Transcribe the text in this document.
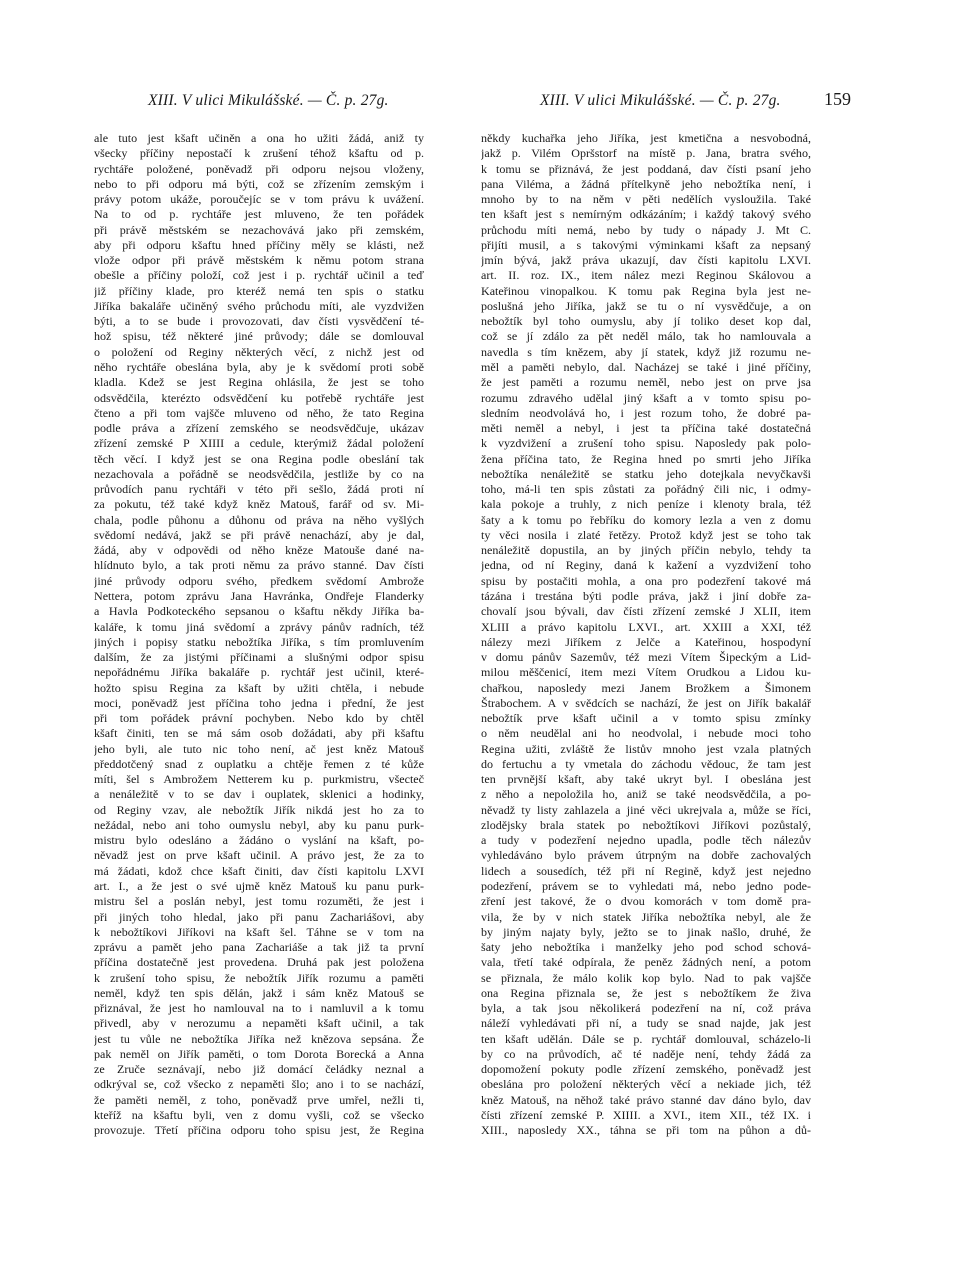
XIII. V ulici Mikulášské. — Č. p. 27g.	XIII. V ulici Mikulášské. — Č. p. 27g. 159
ale tuto jest kšaft učiněn a ona ho užiti žádá, aniž ty
všecky příčiny nepostačí k zrušení téhož kšaftu od p.
rychtáře položené, poněvadž při odporu nejsou vloženy,
nebo to při odporu má býti, což se zřízením zemským i
právy potom ukáže, poroučejíc se v tom právu k uvážení.
Na to od p. rychtáře jest mluveno, že ten pořádek
při právě městském se nezachovává jako při zemském,
aby při odporu kšaftu hned příčiny měly se klásti, než
vlože odpor při právě městském k němu potom strana
obešle a příčiny položí, což jest i p. rychtář učinil a teď
již příčiny klade, pro kteréž nemá ten spis o statku
Jiříka bakaláře učiněný svého průchodu míti, ale vyzdvižen
býti, a to se bude i provozovati, dav čísti vysvědčení té-
hož spisu, též některé jiné průvody; dále se domlouval
o položení od Reginy některých věcí, z nichž jest od
něho rychtáře obeslána byla, aby je k svědomí proti sobě
kladla. Kdež se jest Regina ohlásila, že jest se toho
odsvědčila, kterézto odsvědčení ku potřebě rychtáře jest
čteno a při tom vajšče mluveno od něho, že tato Regina
podle práva a zřízení zemského se neodsvědčuje, ukázav
zřízení zemské P XIIII a cedule, kterýmiž žádal položení
těch věcí. I když jest se ona Regina podle obeslání tak
nezachovala a pořádně se neodsvědčila, jestliže by co na
průvodích panu rychtáři v této při sešlo, žádá proti ní
za pokutu, též také když kněz Matouš, farář od sv. Mi-
chala, podle půhonu a důhonu od práva na něho vyšlých
svědomí nedává, jakž se při právě nenachází, aby je dal,
žádá, aby v odpovědi od něho kněze Matouše dané na-
hlídnuto bylo, a tak proti němu za právo stanné. Dav čísti
jiné průvody odporu svého, předkem svědomí Ambrože
Nettera, potom zprávu Jana Havránka, Ondřeje Flanderky
a Havla Podkoteckého sepsanou o kšaftu někdy Jiříka ba-
kaláře, k tomu jiná svědomí a zprávy pánův radních, též
jiných i popisy statku nebožtíka Jiříka, s tím promluvením
dalším, že za jistými příčinami a slušnými odpor spisu
nepořádnému Jiříka bakaláře p. rychtář jest učinil, které-
hožto spisu Regina za kšaft by užiti chtěla, i nebude
moci, poněvadž jest příčina toho jedna i přední, že jest
při tom pořádek právní pochyben. Nebo kdo by chtěl
kšaft činiti, ten se má sám osob dožádati, aby při kšaftu
jeho byli, ale tuto nic toho není, ač jest kněz Matouš
předdotčený snad z ouplatku a chtěje řemen z té kůže
míti, šel s Ambrožem Netterem ku p. purkmistru, všecteč
a nenáležitě v to se dav i ouplatek, sklenici a hodinky,
od Reginy vzav, ale nebožtík Jiřík nikdá jest ho za to
nežádal, nebo ani toho oumyslu nebyl, aby ku panu purk-
mistru bylo odesláno a žádáno o vyslání na kšaft, po-
něvadž jest on prve kšaft učinil. A právo jest, že za to
má žádati, kdož chce kšaft činiti, dav čísti kapitolu LXVI
art. I., a že jest o své ujmě kněz Matouš ku panu purk-
mistru šel a poslán nebyl, jest tomu rozuměti, že jest i
při jiných toho hledal, jako při panu Zachariášovi, aby
k nebožtíkovi Jiříkovi na kšaft šel. Táhne se v tom na
zprávu a pamět jeho pana Zachariáše a tak již ta první
příčina dostatečně jest provedena. Druhá pak jest položena
k zrušení toho spisu, že nebožtík Jiřík rozumu a paměti
neměl, když ten spis dělán, jakž i sám kněz Matouš se
přiznával, že jest ho namlouval na to i namluvil a k tomu
přivedl, aby v nerozumu a nepaměti kšaft učinil, a tak
jest tu vůle ne nebožtíka Jiříka než knězova sepsána. Že
pak neměl on Jiřík paměti, o tom Dorota Borecká a Anna
ze Zruče seznávají, nebo již domácí čeládky neznal a
odkrýval se, což všecko z nepaměti šlo; ano i to se nachází,
že paměti neměl, z toho, poněvadž prve umřel, nežli ti,
kteříž na kšaftu byli, ven z domu vyšli, což se všecko
provozuje. Třetí příčina odporu toho spisu jest, že Regina
někdy kuchařka jeho Jiříka, jest kmetična a nesvobodná,
jakž p. Vilém Opršstorf na místě p. Jana, bratra svého,
k tomu se přiznává, že jest poddaná, dav čísti psaní jeho
pana Viléma, a žádná přítelkyně jeho nebožtíka není, i
mnoho by to na něm v pěti nedělích vysloužila. Také
ten kšaft jest s nemírným odkázáním; i každý takový svého
průchodu míti nemá, nebo by tudy o nápady J. Mt C.
přijíti musil, a s takovými výminkami kšaft za nepsaný
jmín bývá, jakž práva ukazují, dav čísti kapitolu LXVI.
art. II. roz. IX., item nález mezi Reginou Skálovou a
Kateřinou vinopalkou. K tomu pak Regina byla jest ne-
poslušná jeho Jiříka, jakž se tu o ní vysvědčuje, a on
nebožtík byl toho oumyslu, aby jí toliko deset kop dal,
což se jí zdálo za pět neděl málo, tak ho namlouvala a
navedla s tím knězem, aby jí statek, když již rozumu ne-
měl a paměti nebylo, dal. Nacházej se také i jiné příčiny,
že jest paměti a rozumu neměl, nebo jest on prve jsa
rozumu zdravého udělal jiný kšaft a v tomto spisu po-
sledním neodvolává ho, i jest rozum toho, že dobré pa-
měti neměl a nebyl, i jest ta příčina také dostatečná
k vyzdvižení a zrušení toho spisu. Naposledy pak polo-
žena příčina tato, že Regina hned po smrti jeho Jiříka
nebožtíka nenáležitě se statku jeho dotejkala nevyčkavši
toho, má-li ten spis zůstati za pořádný čili nic, i odmy-
kala pokoje a truhly, z nich peníze i klenoty brala, též
šaty a k tomu po řebříku do komory lezla a ven z domu
ty věci nosila i zlaté řetězy. Protož když jest se toho tak
nenáležitě dopustila, an by jiných příčin nebylo, tehdy ta
jedna, od ní Reginy, daná k kažení a vyzdvižení toho
spisu by postačiti mohla, a ona pro podezření takové má
tázána i trestána býti podle práva, jakž i jiní dobře za-
chovalí jsou bývali, dav čísti zřízení zemské J XLII, item
XLIII a právo kapitolu LXVI., art. XXIII a XXI, též
nálezy mezi Jiříkem z Jelče a Kateřinou, hospodyní
v domu pánův Sazemův, též mezi Vítem Šipeckým a Lid-
milou měščenicí, item mezi Vítem Orudkou a Lidou ku-
chařkou, naposledy mezi Janem Brožkem a Šimonem
Štrabochem. A v svědcích se nachází, že jest on Jiřík bakalář
nebožtík prve kšaft učinil a v tomto spisu zmínky
o něm neudělal ani ho neodvolal, i nebude moci toho
Regina užiti, zvláště že listův mnoho jest vzala platných
do fertuchu a ty vmetala do záchodu vědouc, že tam jest
ten prvnější kšaft, aby také ukryt byl. I obeslána jest
z něho a nepoložila ho, aniž se také neodsvědčila, a po-
něvadž ty listy zahlazela a jiné věci ukrejvala a, může se říci,
zlodějsky brala statek po nebožtíkovi Jiříkovi pozůstalý,
a tudy v podezření nejedno upadla, podle těch nálezův
vyhledáváno bylo právem útrpným na dobře zachovalých
lidech a sousedích, též při ní Regině, když jest nejedno
podezření, právem se to vyhledati má, nebo jedno pode-
zření jest takové, že o dvou komorách v tom domě pra-
vila, že by v nich statek Jiříka nebožtíka nebyl, ale že
by jiným najaty byly, ježto se to jinak našlo, druhé, že
šaty jeho nebožtíka i manželky jeho pod schod schová-
vala, třetí také odpírala, že peněz žádných není, a potom
se přiznala, že málo kolik kop bylo. Nad to pak vajšče
ona Regina přiznala se, že jest s nebožtíkem že živa
byla, a tak jsou několikerá podezření na ní, což práva
náleží vyhledávati při ní, a tudy se snad najde, jak jest
ten kšaft udělán. Dále se p. rychtář domlouval, scházelo-li
by co na průvodích, ač té naděje není, tehdy žádá za
dopomožení pokuty podle zřízení zemského, poněvadž jest
obeslána pro položení některých věcí a nekiade jich, též
kněz Matouš, na něhož také právo stanné dav dáno bylo, dav
čísti zřízení zemské P. XIIII. a XVI., item XII., též IX. i
XIII., naposledy XX., táhna se při tom na půhon a dů-
